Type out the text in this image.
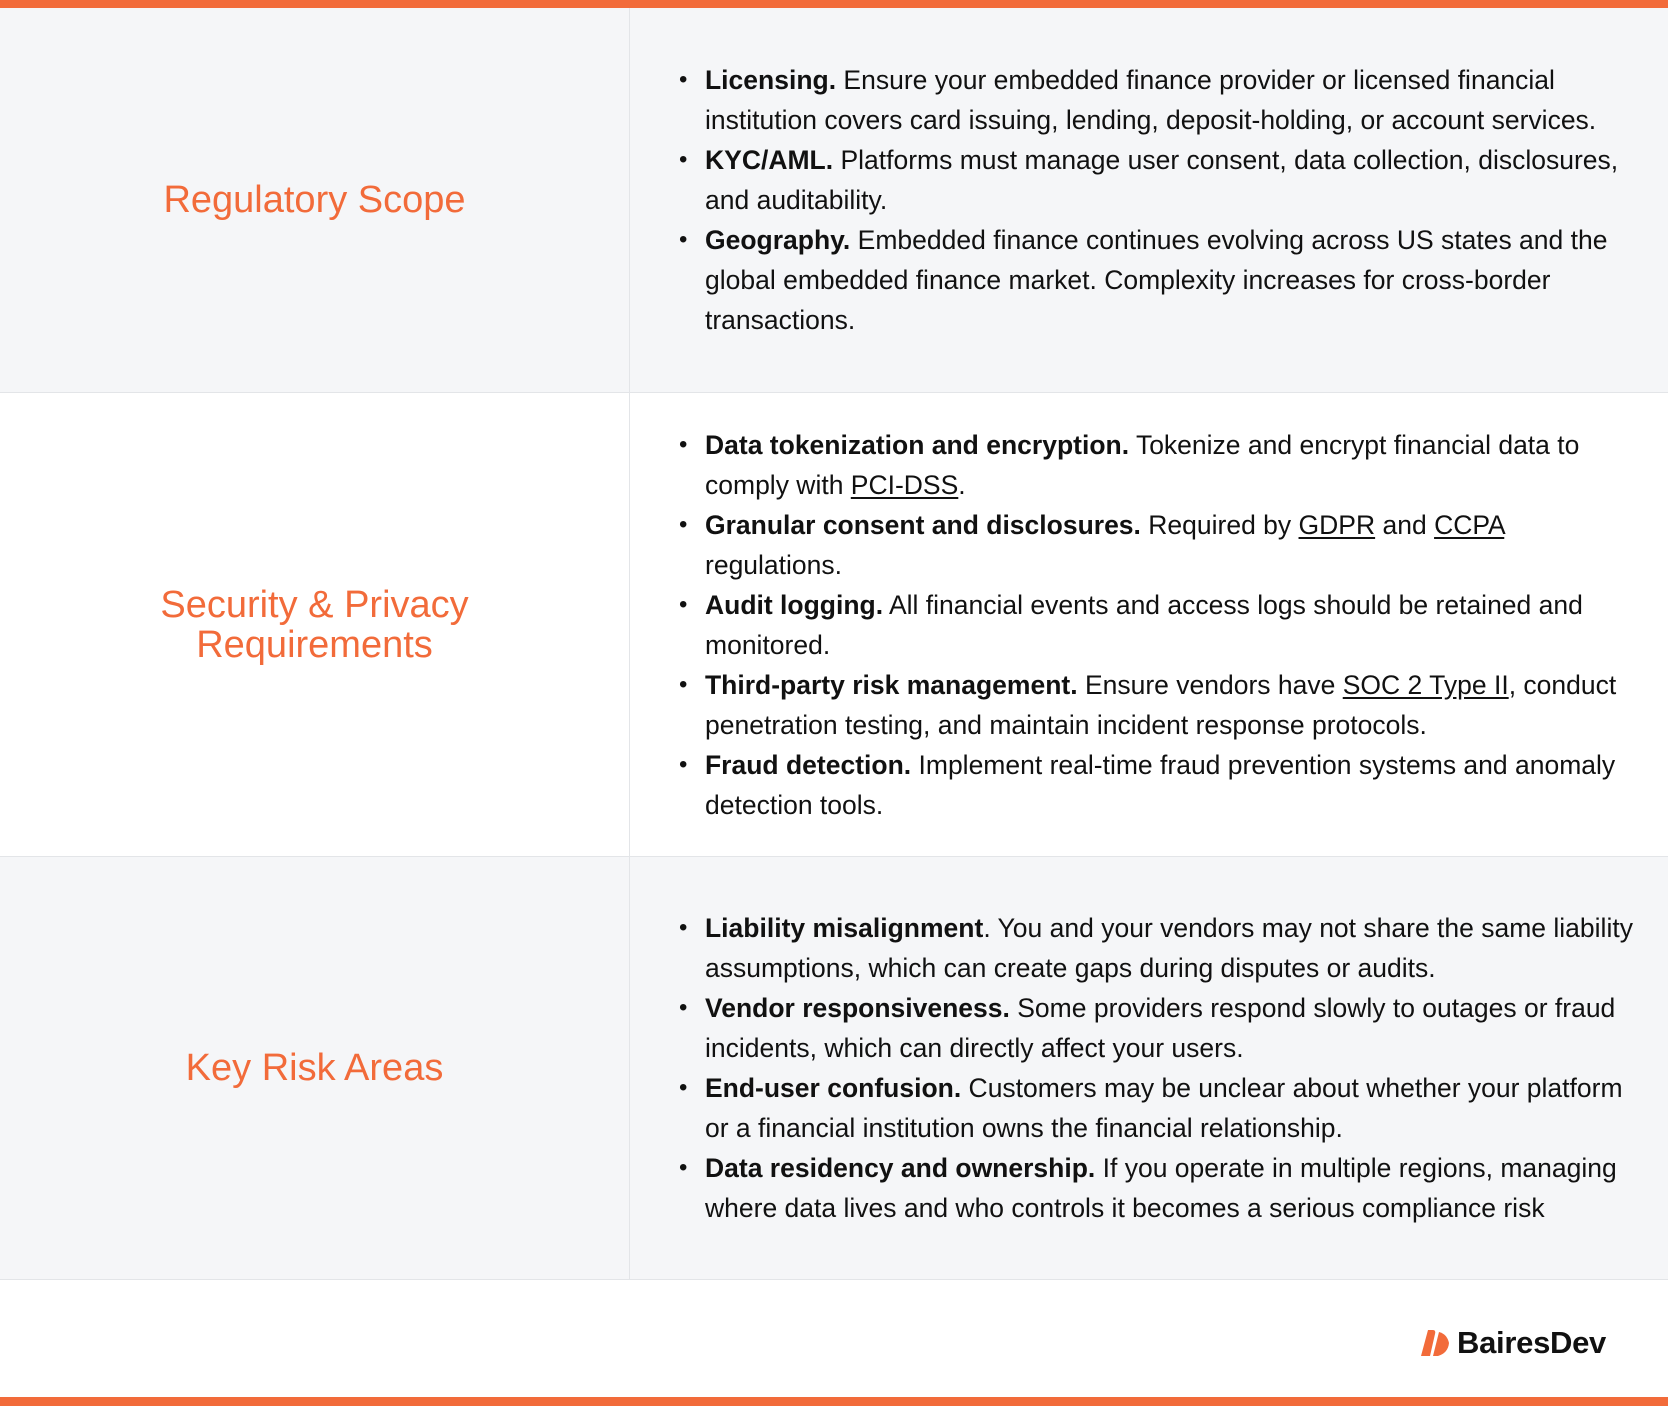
Regulatory Scope
• Licensing. Ensure your embedded finance provider or licensed financial institution covers card issuing, lending, deposit-holding, or account services.
• KYC/AML. Platforms must manage user consent, data collection, disclosures, and auditability.
• Geography. Embedded finance continues evolving across US states and the global embedded finance market. Complexity increases for cross-border transactions.
Security & Privacy Requirements
• Data tokenization and encryption. Tokenize and encrypt financial data to comply with PCI-DSS.
• Granular consent and disclosures. Required by GDPR and CCPA regulations.
• Audit logging. All financial events and access logs should be retained and monitored.
• Third-party risk management. Ensure vendors have SOC 2 Type II, conduct penetration testing, and maintain incident response protocols.
• Fraud detection. Implement real-time fraud prevention systems and anomaly detection tools.
Key Risk Areas
• Liability misalignment. You and your vendors may not share the same liability assumptions, which can create gaps during disputes or audits.
• Vendor responsiveness. Some providers respond slowly to outages or fraud incidents, which can directly affect your users.
• End-user confusion. Customers may be unclear about whether your platform or a financial institution owns the financial relationship.
• Data residency and ownership. If you operate in multiple regions, managing where data lives and who controls it becomes a serious compliance risk
BairesDev
